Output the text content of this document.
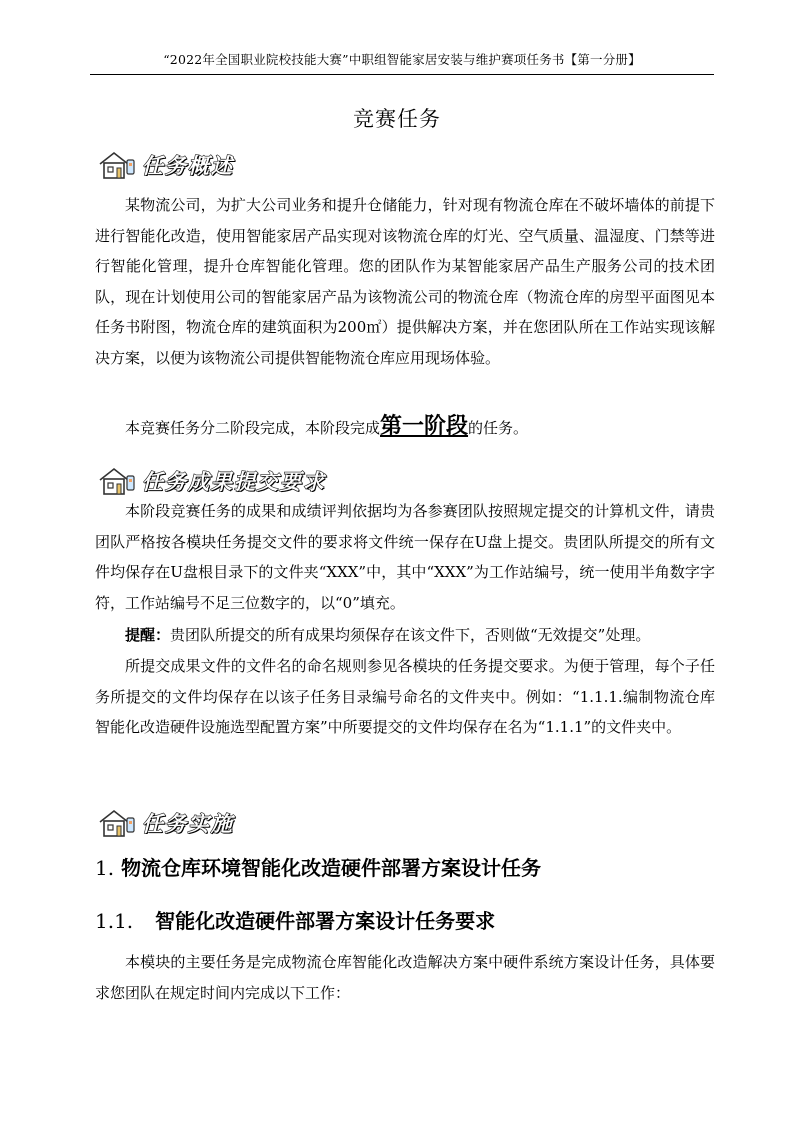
“2022年全国职业院校技能大赛”中职组智能家居安装与维护赛项任务书【第一分册】
竞赛任务
任务概述

某物流公司，为扩大公司业务和提升仓储能力，针对现有物流仓库在不破坏墙体的前提下进行智能化改造，使用智能家居产品实现对该物流仓库的灯光、空气质量、温湿度、门禁等进行智能化管理，提升仓库智能化管理。您的团队作为某智能家居产品生产服务公司的技术团队，现在计划使用公司的智能家居产品为该物流公司的物流仓库（物流仓库的房型平面图见本任务书附图，物流仓库的建筑面积为200㎡）提供解决方案，并在您团队所在工作站实现该解决方案，以便为该物流公司提供智能物流仓库应用现场体验。

本竞赛任务分二阶段完成，本阶段完成第一阶段的任务。

任务成果提交要求

本阶段竞赛任务的成果和成绩评判依据均为各参赛团队按照规定提交的计算机文件，请贵团队严格按各模块任务提交文件的要求将文件统一保存在U盘上提交。贵团队所提交的所有文件均保存在U盘根目录下的文件夹“XXX”中，其中“XXX”为工作站编号，统一使用半角数字字符，工作站编号不足三位数字的，以“0”填充。

提醒：贵团队所提交的所有成果均须保存在该文件下，否则做“无效提交”处理。

所提交成果文件的文件名的命名规则参见各模块的任务提交要求。为便于管理，每个子任务所提交的文件均保存在以该子任务目录编号命名的文件夹中。例如：“1.1.1.编制物流仓库智能化改造硬件设施选型配置方案”中所要提交的文件均保存在名为“1.1.1”的文件夹中。

任务实施
1. 物流仓库环境智能化改造硬件部署方案设计任务
1.1. 智能化改造硬件部署方案设计任务要求

本模块的主要任务是完成物流仓库智能化改造解决方案中硬件系统方案设计任务，具体要求您团队在规定时间内完成以下工作：
